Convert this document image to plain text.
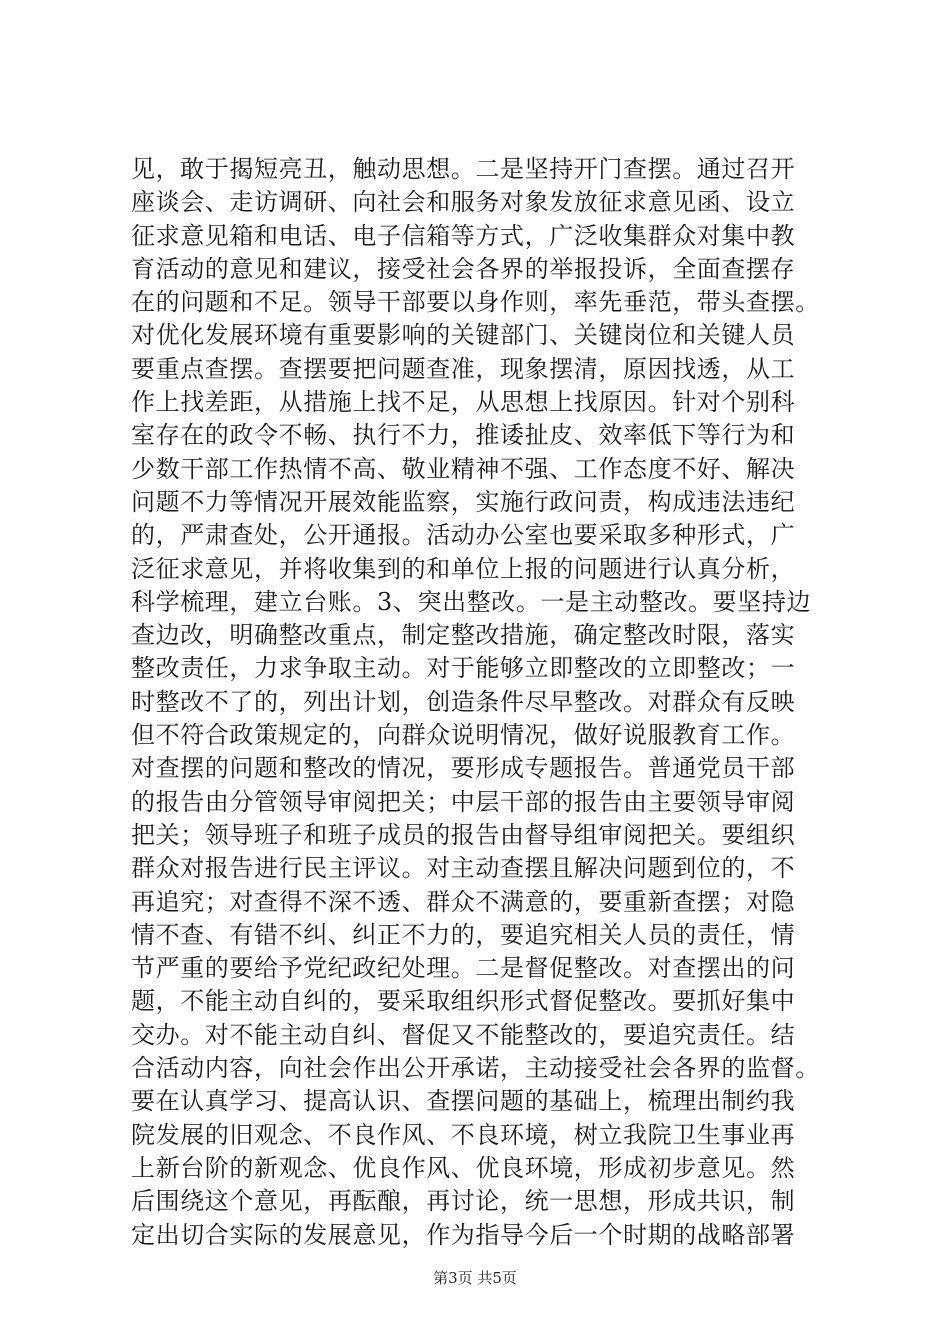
见，敢于揭短亮丑，触动思想。二是坚持开门查摆。通过召开
座谈会、走访调研、向社会和服务对象发放征求意见函、设立
征求意见箱和电话、电子信箱等方式，广泛收集群众对集中教
育活动的意见和建议，接受社会各界的举报投诉，全面查摆存
在的问题和不足。领导干部要以身作则，率先垂范，带头查摆。
对优化发展环境有重要影响的关键部门、关键岗位和关键人员
要重点查摆。查摆要把问题查准，现象摆清，原因找透，从工
作上找差距，从措施上找不足，从思想上找原因。针对个别科
室存在的政令不畅、执行不力，推诿扯皮、效率低下等行为和
少数干部工作热情不高、敬业精神不强、工作态度不好、解决
问题不力等情况开展效能监察，实施行政问责，构成违法违纪
的，严肃查处，公开通报。活动办公室也要采取多种形式，广
泛征求意见，并将收集到的和单位上报的问题进行认真分析，
科学梳理，建立台账。3、突出整改。一是主动整改。要坚持边
查边改，明确整改重点，制定整改措施，确定整改时限，落实
整改责任，力求争取主动。对于能够立即整改的立即整改；一
时整改不了的，列出计划，创造条件尽早整改。对群众有反映
但不符合政策规定的，向群众说明情况，做好说服教育工作。
对查摆的问题和整改的情况，要形成专题报告。普通党员干部
的报告由分管领导审阅把关；中层干部的报告由主要领导审阅
把关；领导班子和班子成员的报告由督导组审阅把关。要组织
群众对报告进行民主评议。对主动查摆且解决问题到位的，不
再追究；对查得不深不透、群众不满意的，要重新查摆；对隐
情不查、有错不纠、纠正不力的，要追究相关人员的责任，情
节严重的要给予党纪政纪处理。二是督促整改。对查摆出的问
题，不能主动自纠的，要采取组织形式督促整改。要抓好集中
交办。对不能主动自纠、督促又不能整改的，要追究责任。结
合活动内容，向社会作出公开承诺，主动接受社会各界的监督。
要在认真学习、提高认识、查摆问题的基础上，梳理出制约我
院发展的旧观念、不良作风、不良环境，树立我院卫生事业再
上新台阶的新观念、优良作风、优良环境，形成初步意见。然
后围绕这个意见，再酝酿，再讨论，统一思想，形成共识，制
定出切合实际的发展意见，作为指导今后一个时期的战略部署
第3页 共5页
